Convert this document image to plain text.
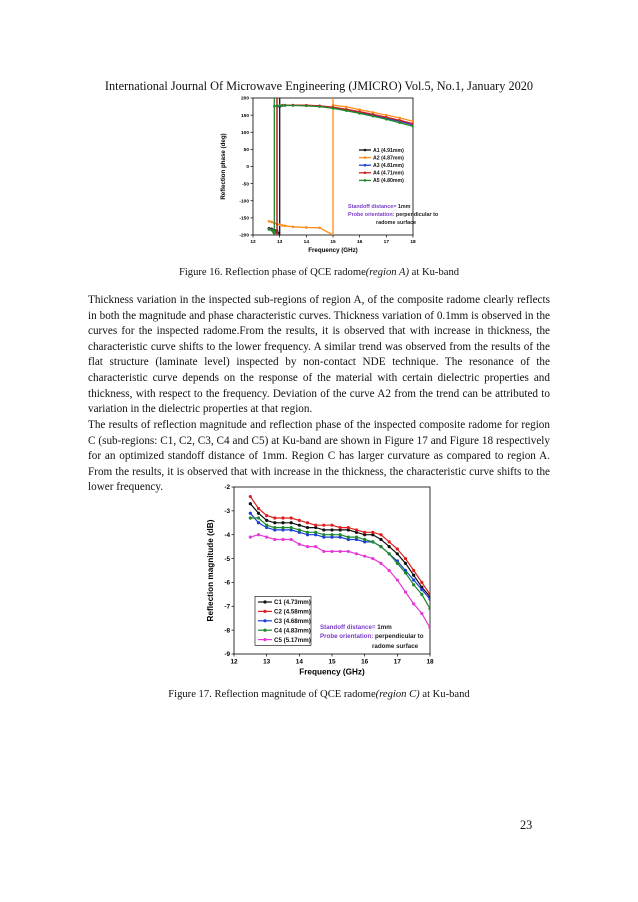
International Journal Of Microwave Engineering (JMICRO) Vol.5, No.1, January 2020
12	13	14	15	16	17	18
200
150
100
50
0
-50
-100
-150
-200
Frequency (GHz)
Reflection phase (deg)	A1 (4.91mm)
A2 (4.87mm)
A3 (4.81mm)
A4 (4.71mm)
A5 (4.80mm)
Standoff distance= 1mm
Probe orientation: perpendicular to
radome surface
Figure 16. Reflection phase of QCE radome(region A) at Ku-band

Thickness variation in the inspected sub-regions of region A, of the composite radome clearly reflects in both the magnitude and phase characteristic curves. Thickness variation of 0.1mm is observed in the curves for the inspected radome.From the results, it is observed that with increase in thickness, the characteristic curve shifts to the lower frequency. A similar trend was observed from the results of the flat structure (laminate level) inspected by non-contact NDE technique. The resonance of the characteristic curve depends on the response of the material with certain dielectric properties and thickness, with respect to the frequency. Deviation of the curve A2 from the trend can be attributed to variation in the dielectric properties at that region.

The results of reflection magnitude and reflection phase of the inspected composite radome for region C (sub-regions: C1, C2, C3, C4 and C5) at Ku-band are shown in Figure 17 and Figure 18 respectively for an optimized standoff distance of 1mm. Region C has larger curvature as compared to region A. From the results, it is observed that with increase in the thickness, the characteristic curve shifts to the lower frequency.

12	13	14	15	16	17	18
-2
-3
-4
-5
-6
-7
-8
-9
Frequency (GHz)
Reflection magnitude (dB)	C1 (4.73mm)
C2 (4.58mm)
C3 (4.68mm)
C4 (4.83mm)
C5 (5.17mm)
Standoff distance= 1mm
Probe orientation: perpendicular to
radome surface
Figure 17. Reflection magnitude of QCE radome(region C) at Ku-band
23
